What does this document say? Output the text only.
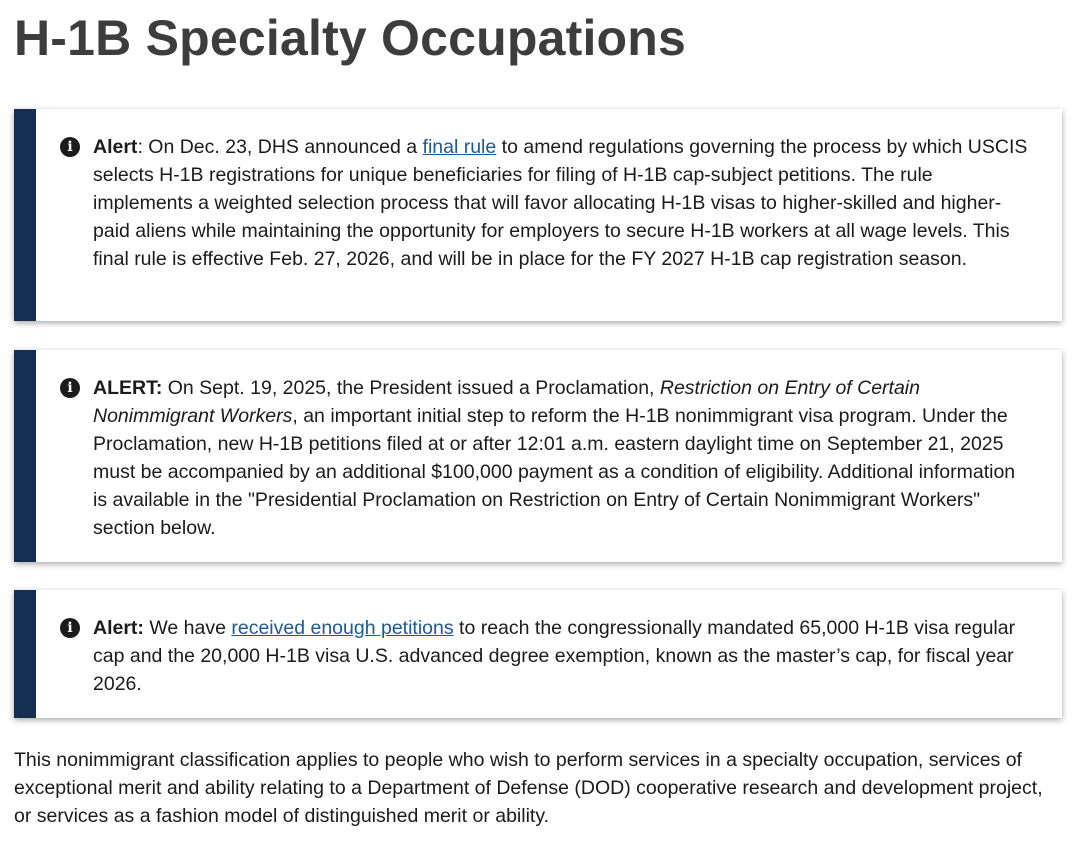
H-1B Specialty Occupations
i	Alert: On Dec. 23, DHS announced a final rule to amend regulations governing the process by which USCIS selects H-1B registrations for unique beneficiaries for filing of H-1B cap-subject petitions. The rule implements a weighted selection process that will favor allocating H-1B visas to higher-skilled and higher-paid aliens while maintaining the opportunity for employers to secure H-1B workers at all wage levels. This final rule is effective Feb. 27, 2026, and will be in place for the FY 2027 H-1B cap registration season.

i	ALERT: On Sept. 19, 2025, the President issued a Proclamation, Restriction on Entry of Certain Nonimmigrant Workers, an important initial step to reform the H-1B nonimmigrant visa program. Under the Proclamation, new H-1B petitions filed at or after 12:01 a.m. eastern daylight time on September 21, 2025 must be accompanied by an additional $100,000 payment as a condition of eligibility. Additional information is available in the "Presidential Proclamation on Restriction on Entry of Certain Nonimmigrant Workers" section below.

i	Alert: We have received enough petitions to reach the congressionally mandated 65,000 H-1B visa regular cap and the 20,000 H-1B visa U.S. advanced degree exemption, known as the master’s cap, for fiscal year 2026.

This nonimmigrant classification applies to people who wish to perform services in a specialty occupation, services of exceptional merit and ability relating to a Department of Defense (DOD) cooperative research and development project, or services as a fashion model of distinguished merit or ability.
